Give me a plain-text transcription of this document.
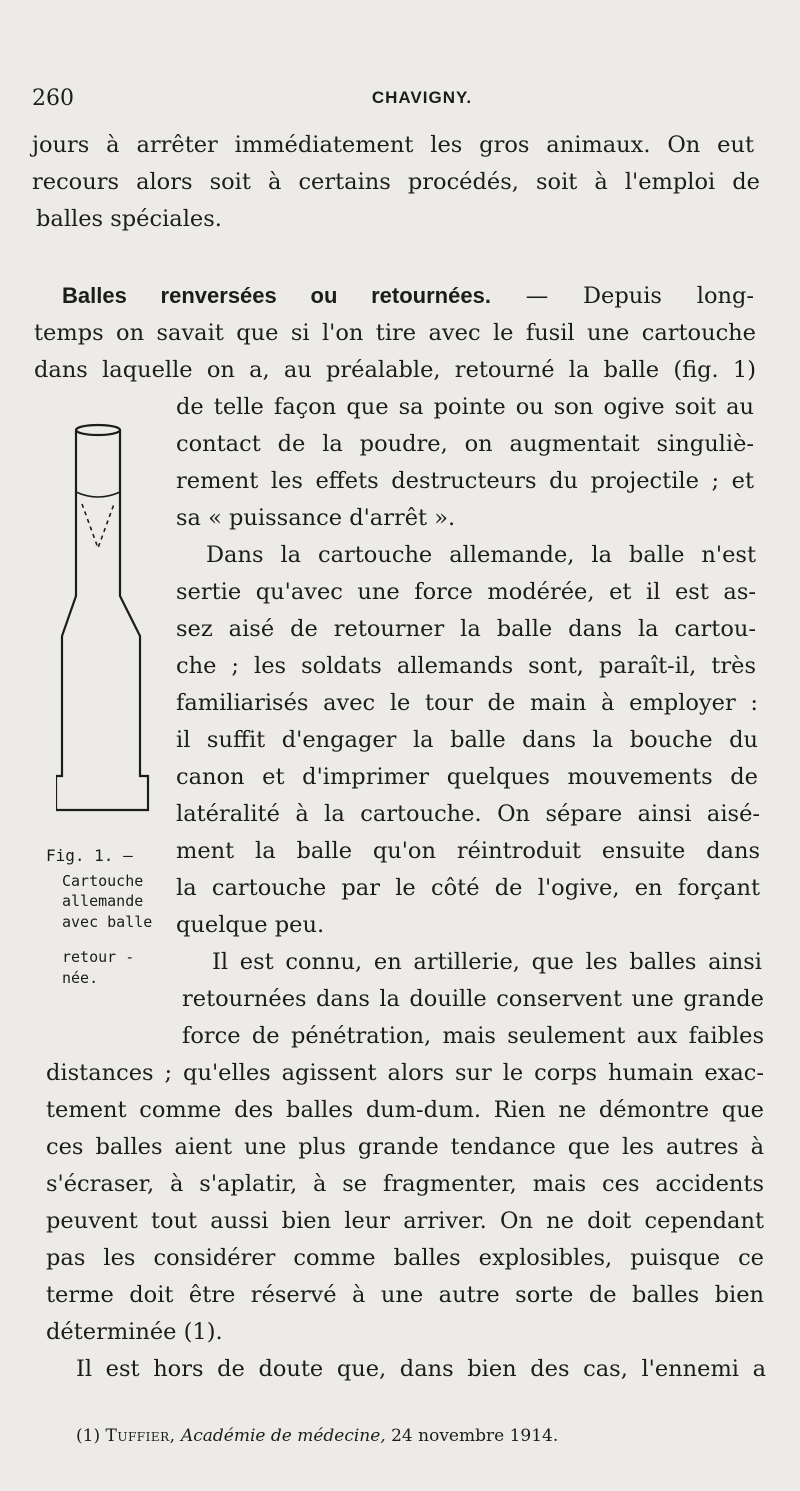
260	CHAVIGNY.
jours à arrêter immédiatement les gros animaux. On eut
recours alors soit à certains procédés, soit à l'emploi de
balles spéciales.
Balles renversées ou retournées. — Depuis long-
temps on savait que si l'on tire avec le fusil une cartouche
dans laquelle on a, au préalable, retourné la balle (fig. 1)
de telle façon que sa pointe ou son ogive soit au
contact de la poudre, on augmentait singuliè-
rement les effets destructeurs du projectile ; et
sa « puissance d'arrêt ».
Dans la cartouche allemande, la balle n'est
sertie qu'avec une force modérée, et il est as-
sez aisé de retourner la balle dans la cartou-
che ; les soldats allemands sont, paraît-il, très
familiarisés avec le tour de main à employer :
il suffit d'engager la balle dans la bouche du
canon et d'imprimer quelques mouvements de
latéralité à la cartouche. On sépare ainsi aisé-
ment la balle qu'on réintroduit ensuite dans
la cartouche par le côté de l'ogive, en forçant
quelque peu.
Il est connu, en artillerie, que les balles ainsi
retournées dans la douille conservent une grande
force de pénétration, mais seulement aux faibles
distances ; qu'elles agissent alors sur le corps humain exac-
tement comme des balles dum-dum. Rien ne démontre que
ces balles aient une plus grande tendance que les autres à
s'écraser, à s'aplatir, à se fragmenter, mais ces accidents
peuvent tout aussi bien leur arriver. On ne doit cependant
pas les considérer comme balles explosibles, puisque ce
terme doit être réservé à une autre sorte de balles bien
déterminée (1).
Il est hors de doute que, dans bien des cas, l'ennemi a
Fig. 1. —
Cartouche
allemande
avec balle
retour -
née.
(1) Tuffier, Académie de médecine, 24 novembre 1914.
